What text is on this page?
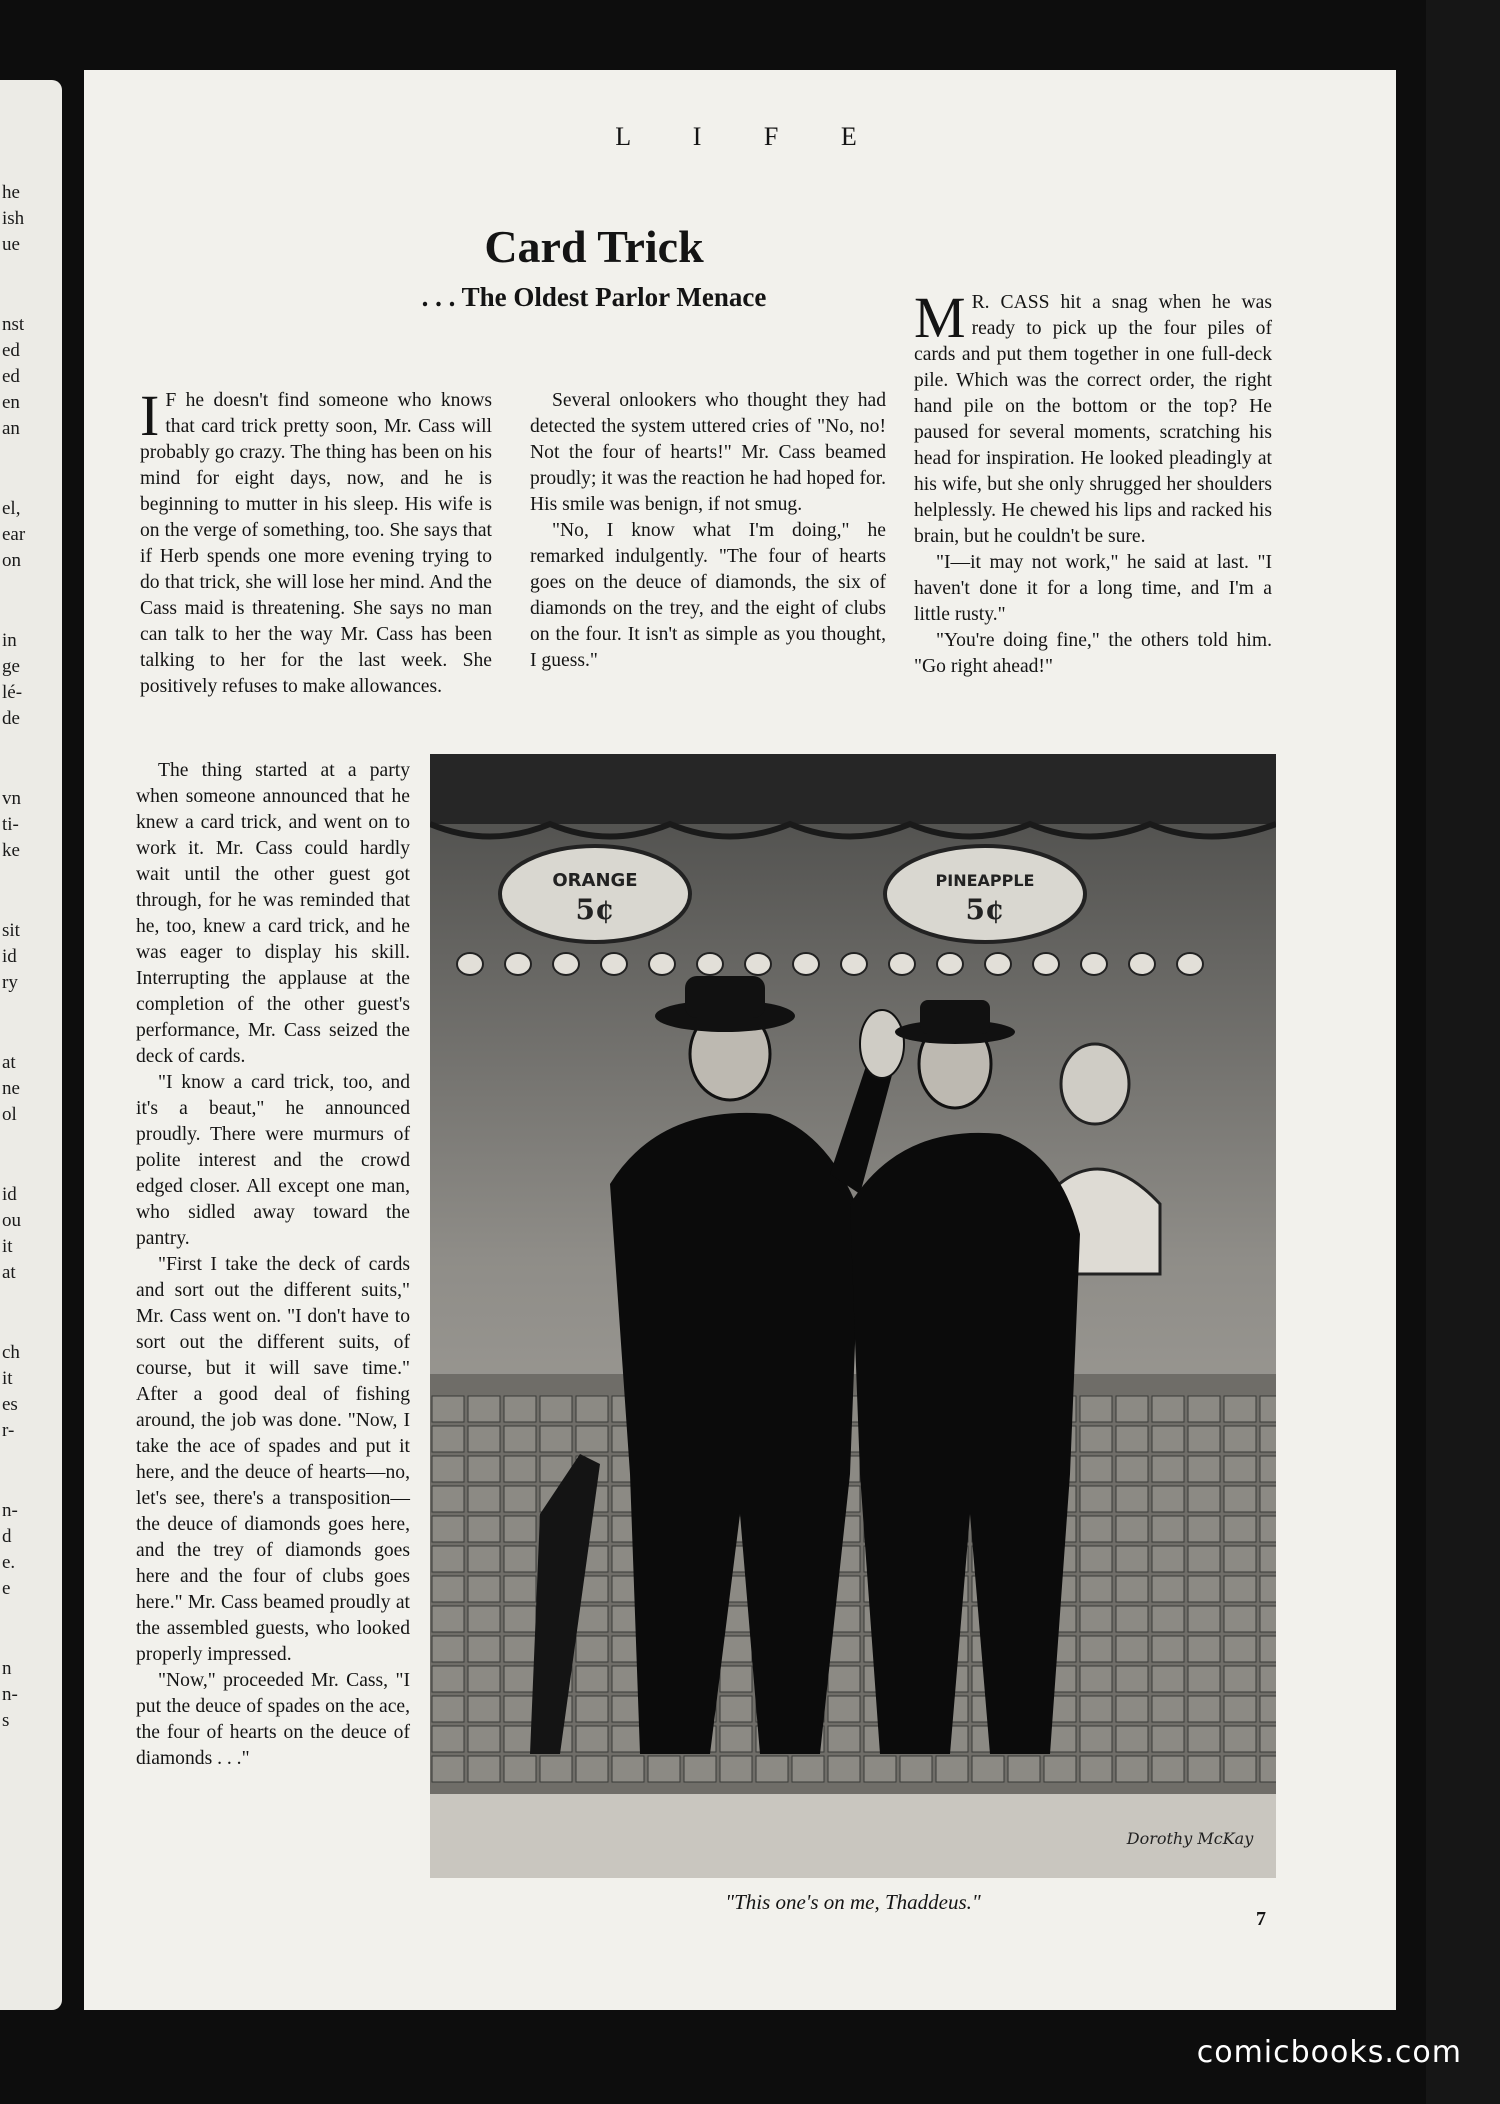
he
ish
ue
nst
ed
ed
en
an
el,
ear
on
in
ge
lé-
de
vn
ti-
ke
sit
id
ry
at
ne
ol
id
ou
it
at
ch
it
es
r-
n-
d
e.
e
n
n-
s
L I F E
Card Trick
. . . The Oldest Parlor Menace

I F he doesn't find someone who knows that card trick pretty soon, Mr. Cass will probably go crazy. The thing has been on his mind for eight days, now, and he is beginning to mutter in his sleep. His wife is on the verge of something, too. She says that if Herb spends one more evening trying to do that trick, she will lose her mind. And the Cass maid is threatening. She says no man can talk to her the way Mr. Cass has been talking to her for the last week. She positively refuses to make allowances.

The thing started at a party when someone announced that he knew a card trick, and went on to work it. Mr. Cass could hardly wait until the other guest got through, for he was reminded that he, too, knew a card trick, and he was eager to display his skill. Interrupting the applause at the completion of the other guest's performance, Mr. Cass seized the deck of cards.

"I know a card trick, too, and it's a beaut," he announced proudly. There were murmurs of polite interest and the crowd edged closer. All except one man, who sidled away toward the pantry.

"First I take the deck of cards and sort out the different suits," Mr. Cass went on. "I don't have to sort out the different suits, of course, but it will save time." After a good deal of fishing around, the job was done. "Now, I take the ace of spades and put it here, and the deuce of hearts—no, let's see, there's a transposition—the deuce of diamonds goes here, and the trey of diamonds goes here and the four of clubs goes here." Mr. Cass beamed proudly at the assembled guests, who looked properly impressed.

"Now," proceeded Mr. Cass, "I put the deuce of spades on the ace, the four of hearts on the deuce of diamonds . . ."

Several onlookers who thought they had detected the system uttered cries of "No, no! Not the four of hearts!" Mr. Cass beamed proudly; it was the reaction he had hoped for. His smile was benign, if not smug.

"No, I know what I'm doing," he remarked indulgently. "The four of hearts goes on the deuce of diamonds, the six of diamonds on the trey, and the eight of clubs on the four. It isn't as simple as you thought, I guess."

M R. CASS hit a snag when he was ready to pick up the four piles of cards and put them together in one full-deck pile. Which was the correct order, the right hand pile on the bottom or the top? He paused for several moments, scratching his head for inspiration. He looked pleadingly at his wife, but she only shrugged her shoulders helplessly. He chewed his lips and racked his brain, but he couldn't be sure.

"I—it may not work," he said at last. "I haven't done it for a long time, and I'm a little rusty."

"You're doing fine," the others told him. "Go right ahead!"

ORANGE
5¢
PINEAPPLE
5¢
Dorothy McKay
"This one's on me, Thaddeus."
7
comicbooks.com
